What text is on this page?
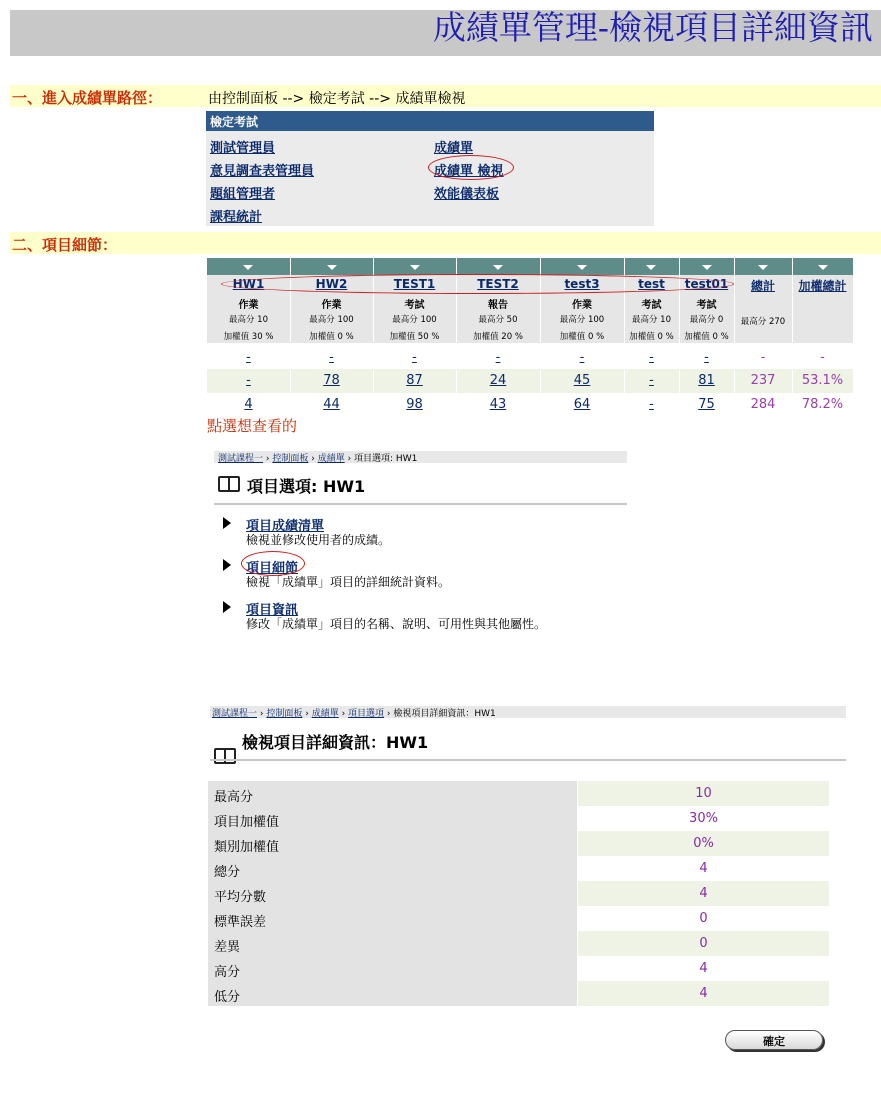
成績單管理-檢視項目詳細資訊
一、進入成績單路徑：	由控制面板 --> 檢定考試 --> 成績單檢視
檢定考試
測試管理員
意見調查表管理員
題組管理者
課程統計
成績單
成績單 檢視
效能儀表板
二、項目細節：
HW1	HW2	TEST1	TEST2	test3	test	test01	總計	加權總計
作業	作業	考試	報告	作業	考試	考試
最高分 10	最高分 100	最高分 100	最高分 50	最高分 100	最高分 10	最高分 0	最高分 270
加權值 30 %	加權值 0 %	加權值 50 %	加權值 20 %	加權值 0 %	加權值 0 %	加權值 0 %
-	-	-	-	-	-	-	-	-
-	78	87	24	45	-	81	237	53.1%
4	44	98	43	64	-	75	284	78.2%
點選想查看的
測試課程一 › 控制面板 › 成績單 › 項目選項: HW1
項目選項: HW1
項目成績清單
檢視並修改使用者的成績。
項目細節
檢視「成績單」項目的詳細統計資料。
項目資訊
修改「成績單」項目的名稱、說明、可用性與其他屬性。
測試課程一 › 控制面板 › 成績單 › 項目選項 › 檢視項目詳細資訊：HW1
檢視項目詳細資訊：HW1
最高分	10
項目加權值	30%
類別加權值	0%
總分	4
平均分數	4
標準誤差	0
差異	0
高分	4
低分	4
確定
